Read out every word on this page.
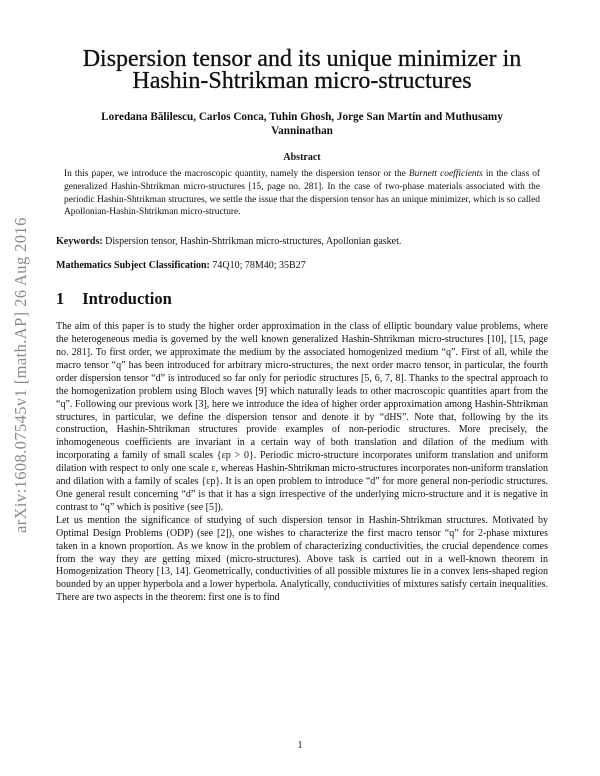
arXiv:1608.07545v1 [math.AP] 26 Aug 2016
Dispersion tensor and its unique minimizer in Hashin-Shtrikman micro-structures
Loredana Bălilescu, Carlos Conca, Tuhin Ghosh, Jorge San Martín and Muthusamy Vanninathan
Abstract
In this paper, we introduce the macroscopic quantity, namely the dispersion tensor or the Burnett coefficients in the class of generalized Hashin-Shtrikman micro-structures [15, page no. 281]. In the case of two-phase materials associated with the periodic Hashin-Shtrikman structures, we settle the issue that the dispersion tensor has an unique minimizer, which is so called Apollonian-Hashin-Shtrikman micro-structure.
Keywords: Dispersion tensor, Hashin-Shtrikman micro-structures, Apollonian gasket.
Mathematics Subject Classification: 74Q10; 78M40; 35B27
1 Introduction

The aim of this paper is to study the higher order approximation in the class of elliptic boundary value problems, where the heterogeneous media is governed by the well known generalized Hashin-Shtrikman micro-structures [10], [15, page no. 281]. To first order, we approximate the medium by the associated homogenized medium “q”. First of all, while the macro tensor “q” has been introduced for arbitrary micro-structures, the next order macro tensor, in particular, the fourth order dispersion tensor “d” is introduced so far only for periodic structures [5, 6, 7, 8]. Thanks to the spectral approach to the homogenization problem using Bloch waves [9] which naturally leads to other macroscopic quantities apart from the “q”. Following our previous work [3], here we introduce the idea of higher order approximation among Hashin-Shtrikman structures, in particular, we define the dispersion tensor and denote it by “dHS”. Note that, following by the its construction, Hashin-Shtrikman structures provide examples of non-periodic structures. More precisely, the inhomogeneous coefficients are invariant in a certain way of both translation and dilation of the medium with incorporating a family of small scales {εp > 0}. Periodic micro-structure incorporates uniform translation and uniform dilation with respect to only one scale ε, whereas Hashin-Shtrikman micro-structures incorporates non-uniform translation and dilation with a family of scales {εp}. It is an open problem to introduce “d” for more general non-periodic structures. One general result concerning “d” is that it has a sign irrespective of the underlying micro-structure and it is negative in contrast to “q” which is positive (see [5]).

Let us mention the significance of studying of such dispersion tensor in Hashin-Shtrikman structures. Motivated by Optimal Design Problems (ODP) (see [2]), one wishes to characterize the first macro tensor “q” for 2-phase mixtures taken in a known proportion. As we know in the problem of characterizing conductivities, the crucial dependence comes from the way they are getting mixed (micro-structures). Above task is carried out in a well-known theorem in Homogenization Theory [13, 14]. Geometrically, conductivities of all possible mixtures lie in a convex lens-shaped region bounded by an upper hyperbola and a lower hyperbola. Analytically, conductivities of mixtures satisfy certain inequalities. There are two aspects in the theorem: first one is to find

1
